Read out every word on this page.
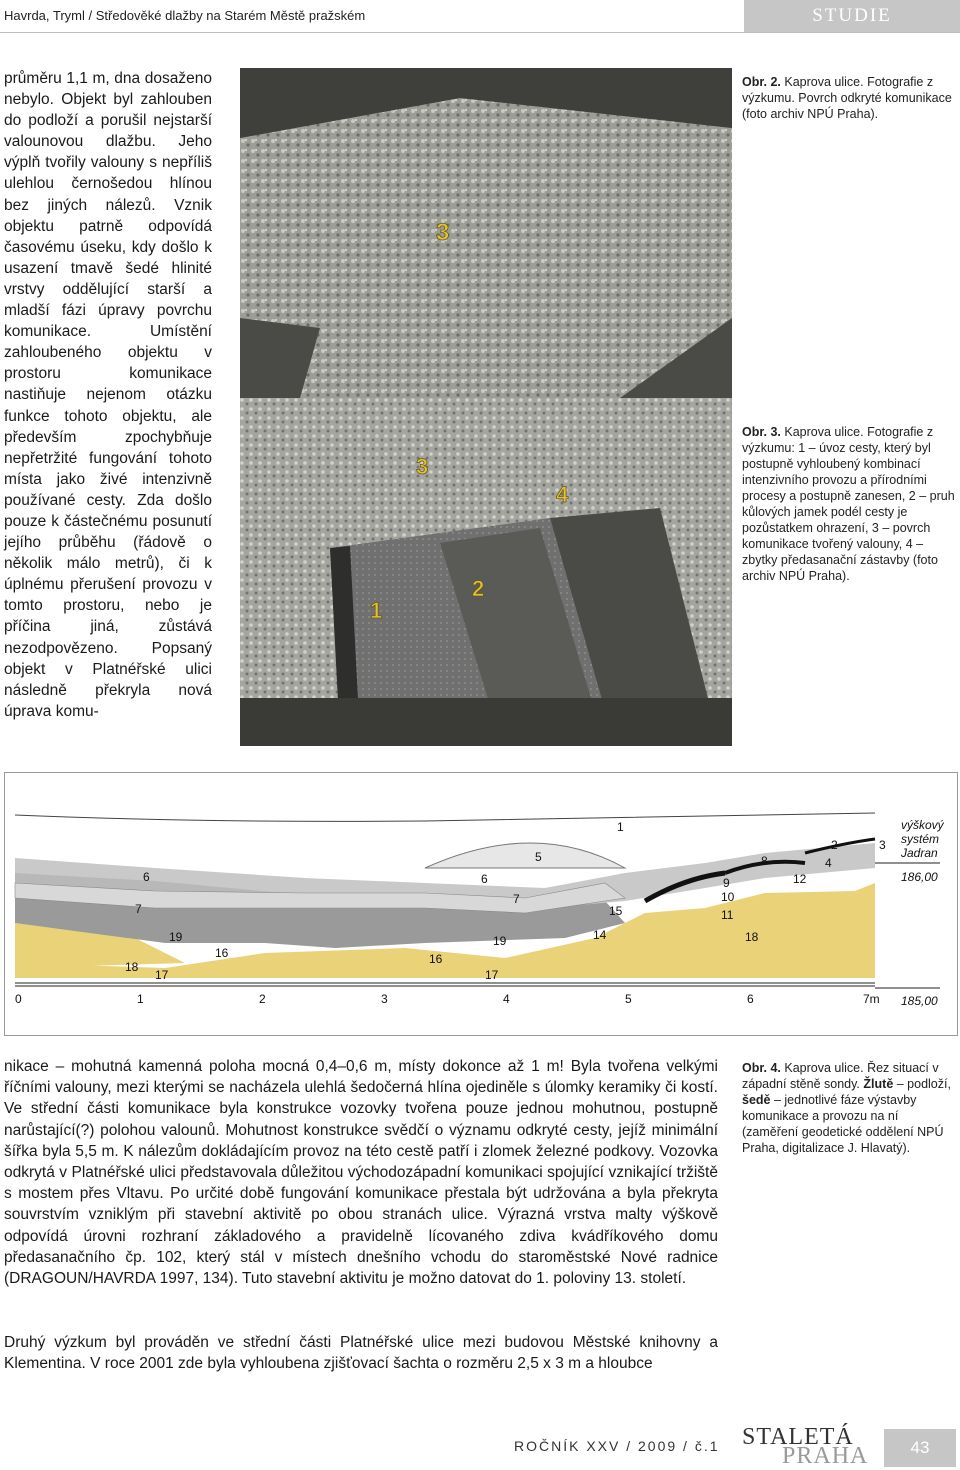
Havrda, Tryml / Středověké dlažby na Starém Městě pražském	STUDIE
průměru 1,1 m, dna dosaženo nebylo. Objekt byl zahlouben do podloží a porušil nejstarší valounovou dlažbu. Jeho výplň tvořily valouny s nepříliš ulehlou černošedou hlínou bez jiných nálezů. Vznik objektu patrně odpovídá časovému úseku, kdy došlo k usazení tmavě šedé hlinité vrstvy oddělující starší a mladší fázi úpravy povrchu komunikace. Umístění zahloubeného objektu v prostoru komunikace nastiňuje nejenom otázku funkce tohoto objektu, ale především zpochybňuje nepřetržité fungování tohoto místa jako živé intenzivně používané cesty. Zda došlo pouze k částečnému posunutí jejího průběhu (řádově o několik málo metrů), či k úplnému přerušení provozu v tomto prostoru, nebo je příčina jiná, zůstává nezodpovězeno. Popsaný objekt v Platnéřské ulici následně překryla nová úprava komu-
3
3
4
2
1
Obr. 2. Kaprova ulice. Fotografie z výzkumu. Povrch odkryté komunikace (foto archiv NPÚ Praha).
Obr. 3. Kaprova ulice. Fotografie z výzkumu: 1 – úvoz cesty, který byl postupně vyhloubený kombinací intenzivního provozu a přírodními procesy a postupně zanesen, 2 – pruh kůlových jamek podél cesty je pozůstatkem ohrazení, 3 – povrch komunikace tvořený valouny, 4 – zbytky předasanační zástavby (foto archiv NPÚ Praha).
0	1	2	3	4	5	6	7m
výškový
systém
Jadran
186,00
185,00
1
2	3
4
5
6	6
7
7
8
9
10
11
12
14
15
16	16
17	17
18
18
19	19
nikace – mohutná kamenná poloha mocná 0,4–0,6 m, místy dokonce až 1 m! Byla tvořena velkými říčními valouny, mezi kterými se nacházela ulehlá šedočerná hlína ojediněle s úlomky keramiky či kostí. Ve střední části komunikace byla konstrukce vozovky tvořena pouze jednou mohutnou, postupně narůstající(?) polohou valounů. Mohutnost konstrukce svědčí o významu odkryté cesty, jejíž minimální šířka byla 5,5 m. K nálezům dokládajícím provoz na této cestě patří i zlomek železné podkovy. Vozovka odkrytá v Platnéřské ulici představovala důležitou východozápadní komunikaci spojující vznikající tržiště s mostem přes Vltavu. Po určité době fungování komunikace přestala být udržována a byla překryta souvrstvím vzniklým při stavební aktivitě po obou stranách ulice. Výrazná vrstva malty výškově odpovídá úrovni rozhraní základového a pravidelně lícovaného zdiva kvádříkového domu předasanačního čp. 102, který stál v místech dnešního vchodu do staroměstské Nové radnice (DRAGOUN/HAVRDA 1997, 134). Tuto stavební aktivitu je možno datovat do 1. poloviny 13. století.
Druhý výzkum byl prováděn ve střední části Platnéřské ulice mezi budovou Městské knihovny a Klementina. V roce 2001 zde byla vyhloubena zjišťovací šachta o rozměru 2,5 x 3 m a hloubce
Obr. 4. Kaprova ulice. Řez situací v západní stěně sondy. Žlutě – podloží, šedě – jednotlivé fáze výstavby komunikace a provozu na ní (zaměření geodetické oddělení NPÚ Praha, digitalizace J. Hlavatý).
ROČNÍK XXV / 2009 / č.1 STALETÁ
PRAHA	43
